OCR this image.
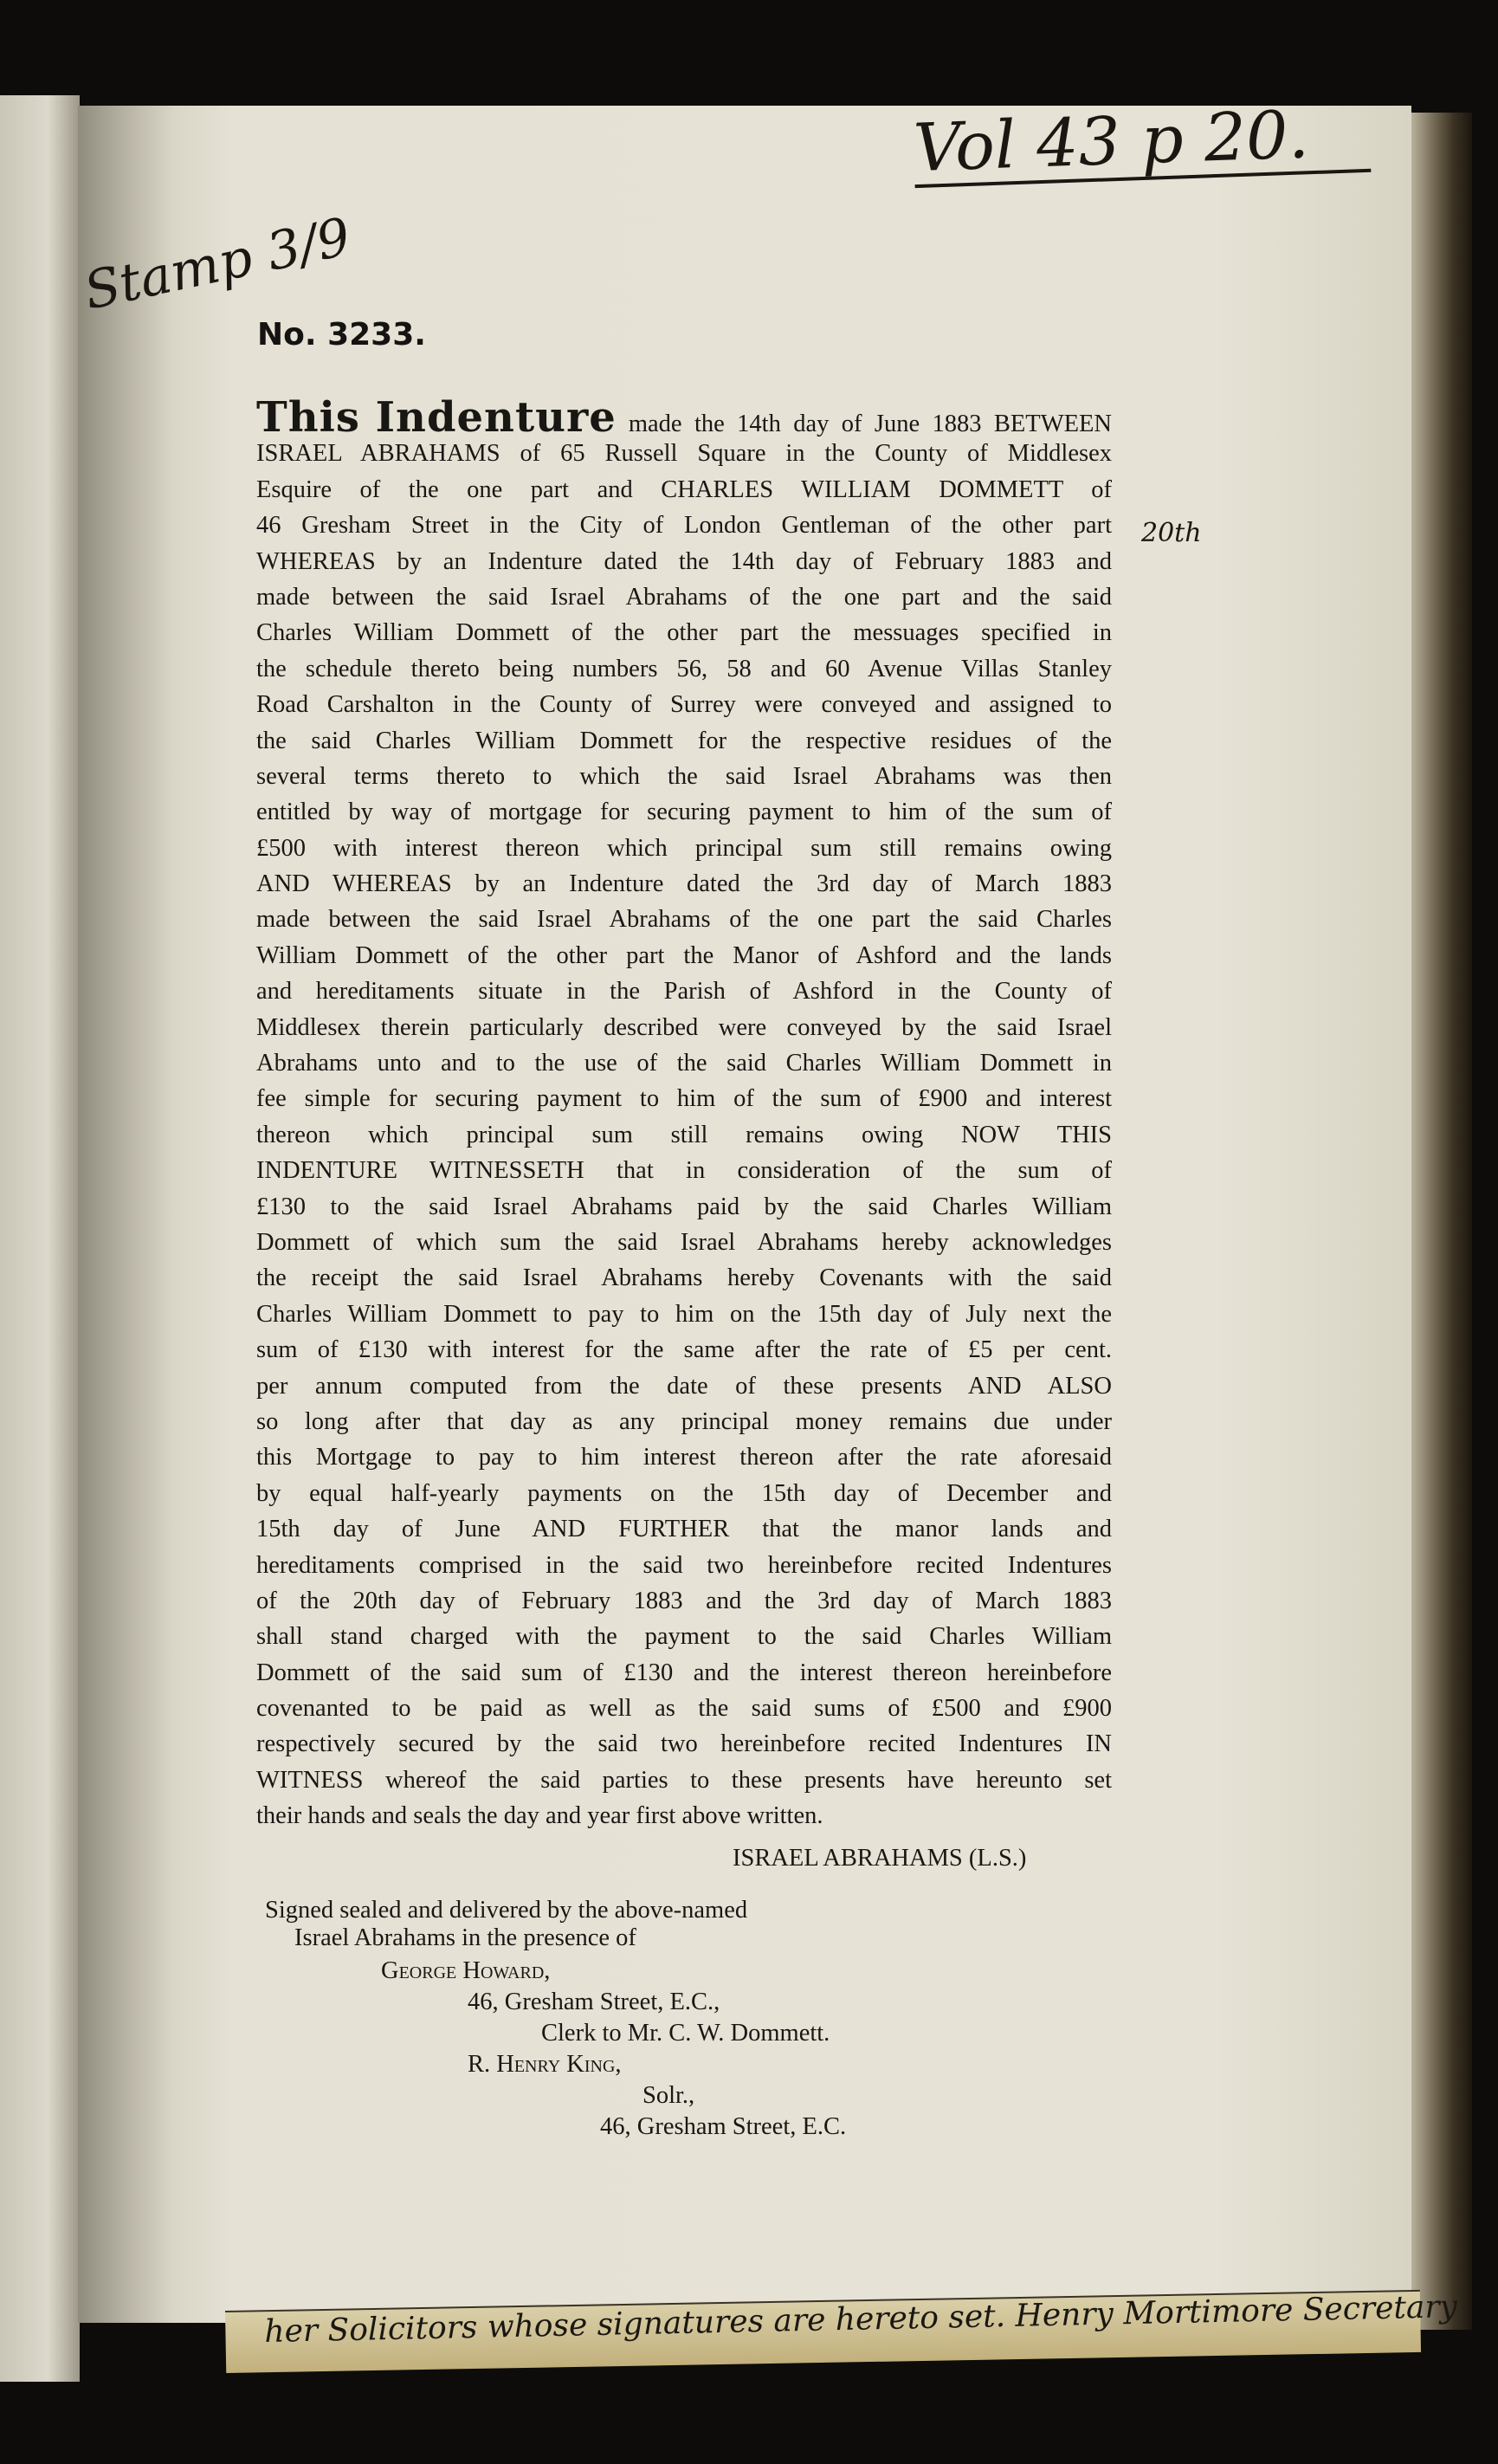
Vol 43 p 20.
Stamp 3/9
20th
her Solicitors whose signatures are hereto set. Henry Mortimore Secretary
No. 3233.
This Indenture made the 14th day of June 1883 BETWEEN
ISRAEL ABRAHAMS of 65 Russell Square in the County of Middlesex
Esquire of the one part and CHARLES WILLIAM DOMMETT of
46 Gresham Street in the City of London Gentleman of the other part
WHEREAS by an Indenture dated the 14th day of February 1883 and
made between the said Israel Abrahams of the one part and the said
Charles William Dommett of the other part the messuages specified in
the schedule thereto being numbers 56, 58 and 60 Avenue Villas Stanley
Road Carshalton in the County of Surrey were conveyed and assigned to
the said Charles William Dommett for the respective residues of the
several terms thereto to which the said Israel Abrahams was then
entitled by way of mortgage for securing payment to him of the sum of
£500 with interest thereon which principal sum still remains owing
AND WHEREAS by an Indenture dated the 3rd day of March 1883
made between the said Israel Abrahams of the one part the said Charles
William Dommett of the other part the Manor of Ashford and the lands
and hereditaments situate in the Parish of Ashford in the County of
Middlesex therein particularly described were conveyed by the said Israel
Abrahams unto and to the use of the said Charles William Dommett in
fee simple for securing payment to him of the sum of £900 and interest
thereon which principal sum still remains owing NOW THIS
INDENTURE WITNESSETH that in consideration of the sum of
£130 to the said Israel Abrahams paid by the said Charles William
Dommett of which sum the said Israel Abrahams hereby acknowledges
the receipt the said Israel Abrahams hereby Covenants with the said
Charles William Dommett to pay to him on the 15th day of July next the
sum of £130 with interest for the same after the rate of £5 per cent.
per annum computed from the date of these presents AND ALSO
so long after that day as any principal money remains due under
this Mortgage to pay to him interest thereon after the rate aforesaid
by equal half-yearly payments on the 15th day of December and
15th day of June AND FURTHER that the manor lands and
hereditaments comprised in the said two hereinbefore recited Indentures
of the 20th day of February 1883 and the 3rd day of March 1883
shall stand charged with the payment to the said Charles William
Dommett of the said sum of £130 and the interest thereon hereinbefore
covenanted to be paid as well as the said sums of £500 and £900
respectively secured by the said two hereinbefore recited Indentures IN
WITNESS whereof the said parties to these presents have hereunto set
their hands and seals the day and year first above written.
ISRAEL ABRAHAMS (L.S.)
Signed sealed and delivered by the above-named
Israel Abrahams in the presence of
George Howard,
46, Gresham Street, E.C.,
Clerk to Mr. C. W. Dommett.
R. Henry King,
Solr.,
46, Gresham Street, E.C.
